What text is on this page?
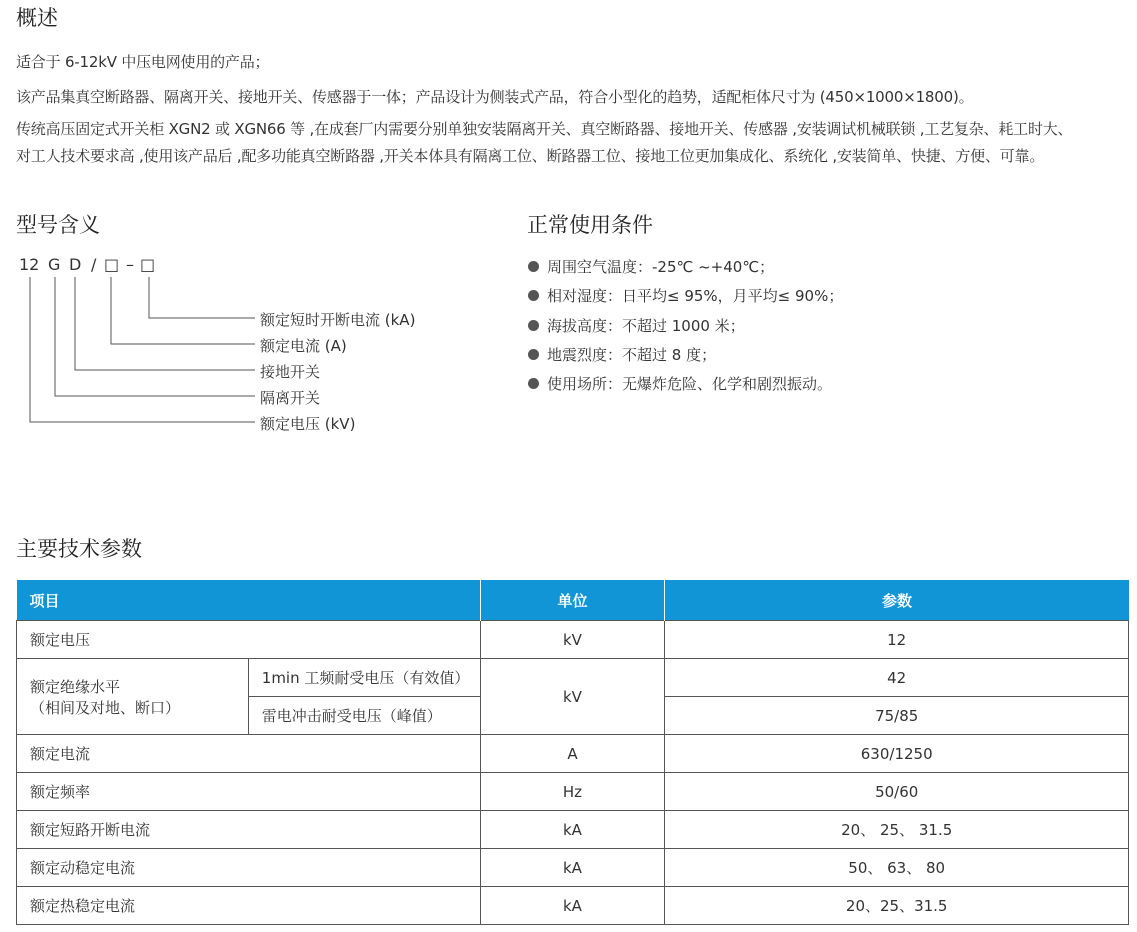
概述
适合于 6-12kV 中压电网使用的产品；
该产品集真空断路器、隔离开关、接地开关、传感器于一体；产品设计为侧装式产品，符合小型化的趋势，适配柜体尺寸为 (450×1000×1800)。
传统高压固定式开关柜 XGN2 或 XGN66 等 ,在成套厂内需要分别单独安装隔离开关、真空断路器、接地开关、传感器 ,安装调试机械联锁 ,工艺复杂、耗工时大、
对工人技术要求高 ,使用该产品后 ,配多功能真空断路器 ,开关本体具有隔离工位、断路器工位、接地工位更加集成化、系统化 ,安装简单、快捷、方便、可靠。
型号含义
12 G D / □ – □
额定短时开断电流 (kA)
额定电流 (A)
接地开关
隔离开关
额定电压 (kV)
正常使用条件
周围空气温度：-25℃ ~+40℃；
相对湿度：日平均≤ 95%，月平均≤ 90%；
海拔高度：不超过 1000 米；
地震烈度：不超过 8 度；
使用场所：无爆炸危险、化学和剧烈振动。
主要技术参数
项目		单位	参数
额定电压		kV	12

额定绝缘水平
（相间及对地、断口）	1min 工频耐受电压（有效值）	kV	42
	雷电冲击耐受电压（峰值）		75/85
额定电流		A	630/1250
额定频率		Hz	50/60
额定短路开断电流		kA	20、 25、 31.5
额定动稳定电流		kA	50、 63、 80
额定热稳定电流		kA	20、25、31.5
